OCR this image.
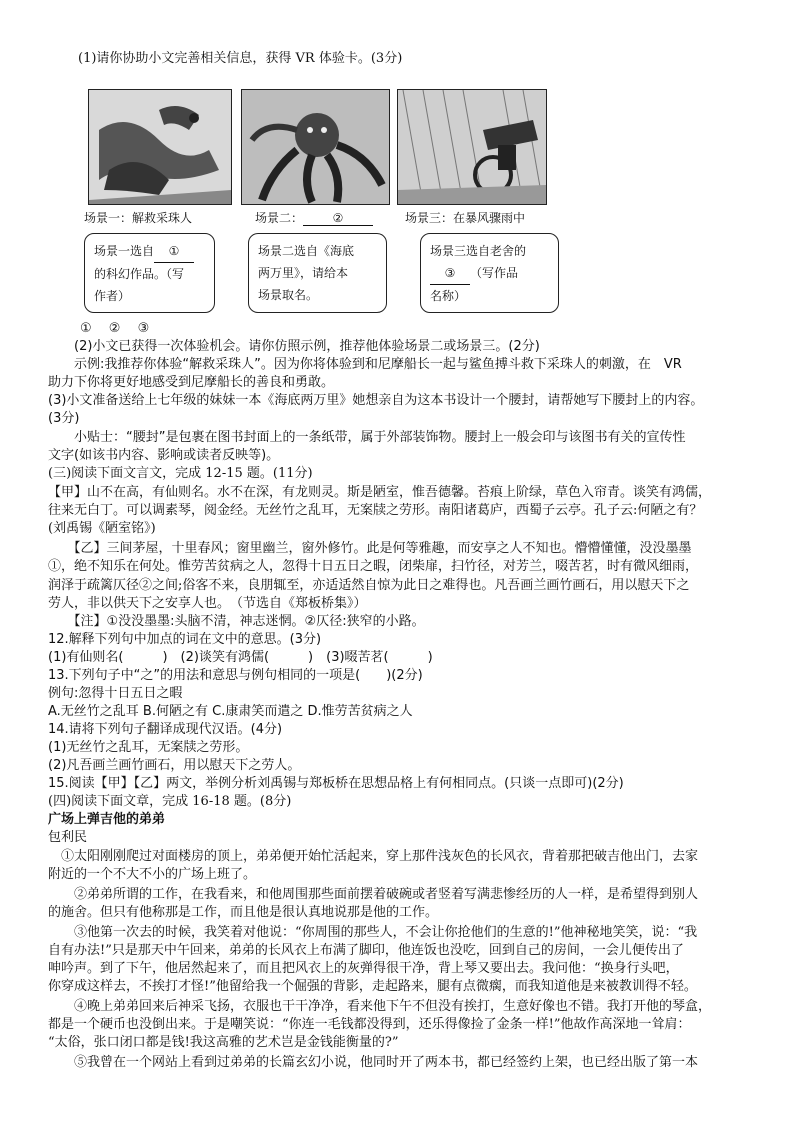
(1)请你协助小文完善相关信息，获得 VR 体验卡。(3分)
场景一：解救采珠人	场景二： ②	场景三：在暴风骤雨中
场景一选自 ①
的科幻作品。（写
作者）
场景二选自《海底
两万里》，请给本
场景取名。
场景三选自老舍的
③ （写作品
名称）
①　 ②　 ③
　　(2)小文已获得一次体验机会。请你仿照示例，推荐他体验场景二或场景三。(2分)
　　示例:我推荐你体验“解救采珠人”。因为你将体验到和尼摩船长一起与鲨鱼搏斗救下采珠人的刺激，在　VR
助力下你将更好地感受到尼摩船长的善良和勇敢。
(3)小文准备送给上七年级的妹妹一本《海底两万里》她想亲自为这本书设计一个腰封，请帮她写下腰封上的内容。
(3分)
　　小贴士：“腰封”是包裹在图书封面上的一条纸带，属于外部装饰物。腰封上一般会印与该图书有关的宣传性
文字(如该书内容、影响或读者反映等)。
(三)阅读下面文言文，完成 12-15 题。(11分)
【甲】山不在高，有仙则名。水不在深，有龙则灵。斯是陋室，惟吾德馨。苔痕上阶绿，草色入帘青。谈笑有鸿儒，
往来无白丁。可以调素琴，阅金经。无丝竹之乱耳，无案牍之劳形。南阳诸葛庐，西蜀子云亭。孔子云:何陋之有？
(刘禹锡《陋室铭》)
　　【乙】三间茅屋，十里春风；窗里幽兰，窗外修竹。此是何等雅趣，而安享之人不知也。懵懵懂懂，没没墨墨
①，绝不知乐在何处。惟劳苦贫病之人，忽得十日五日之暇，闭柴扉，扫竹径，对芳兰，啜苦茗，时有微风细雨，
润泽于疏篱仄径②之间;俗客不来，良朋辄至，亦适适然自惊为此日之难得也。凡吾画兰画竹画石，用以慰天下之
劳人，非以供天下之安享人也。　（节选自《郑板桥集》）
　　【注】①没没墨墨:头脑不清，神志迷惘。②仄径:狭窄的小路。
12.解释下列句中加点的词在文中的意思。(3分)
(1)有仙则名(　　　)　(2)谈笑有鸿儒(　　　)　(3)啜苦茗(　　　)
13.下列句子中“之”的用法和意思与例句相同的一项是(　　)(2分)
例句:忽得十日五日之暇
A.无丝竹之乱耳 B.何陋之有 C.康肃笑而遣之 D.惟劳苦贫病之人
14.请将下列句子翻译成现代汉语。(4分)
(1)无丝竹之乱耳，无案牍之劳形。
(2)凡吾画兰画竹画石，用以慰天下之劳人。
15.阅读【甲】【乙】两文，举例分析刘禹锡与郑板桥在思想品格上有何相同点。(只谈一点即可)(2分)
(四)阅读下面文章，完成 16-18 题。(8分)
广场上弹吉他的弟弟
包利民
　①太阳刚刚爬过对面楼房的顶上，弟弟便开始忙活起来，穿上那件浅灰色的长风衣，背着那把破吉他出门，去家
附近的一个不大不小的广场上班了。
　　②弟弟所谓的工作，在我看来，和他周围那些面前摆着破碗或者竖着写满悲惨经历的人一样，是希望得到别人
的施舍。但只有他称那是工作，而且他是很认真地说那是他的工作。
　　③他第一次去的时候，我笑着对他说：“你周围的那些人，不会让你抢他们的生意的!”他神秘地笑笑，说：“我
自有办法!”只是那天中午回来，弟弟的长风衣上布满了脚印，他连饭也没吃，回到自己的房间，一会儿便传出了
呻吟声。到了下午，他居然起来了，而且把风衣上的灰弹得很干净，背上琴又要出去。我问他：“换身行头吧，
你穿成这样去，不挨打才怪!”他留给我一个倔强的背影，走起路来，腿有点微瘸，而我知道他是来被教训得不轻。
　　④晚上弟弟回来后神采飞扬，衣服也干干净净，看来他下午不但没有挨打，生意好像也不错。我打开他的琴盒，
都是一个硬币也没倒出来。于是嘲笑说：“你连一毛钱都没得到，还乐得像捡了金条一样!”他故作高深地一耸肩：
“太俗，张口闭口都是钱!我这高雅的艺术岂是金钱能衡量的?”
　　⑤我曾在一个网站上看到过弟弟的长篇玄幻小说，他同时开了两本书，都已经签约上架，也已经出版了第一本
